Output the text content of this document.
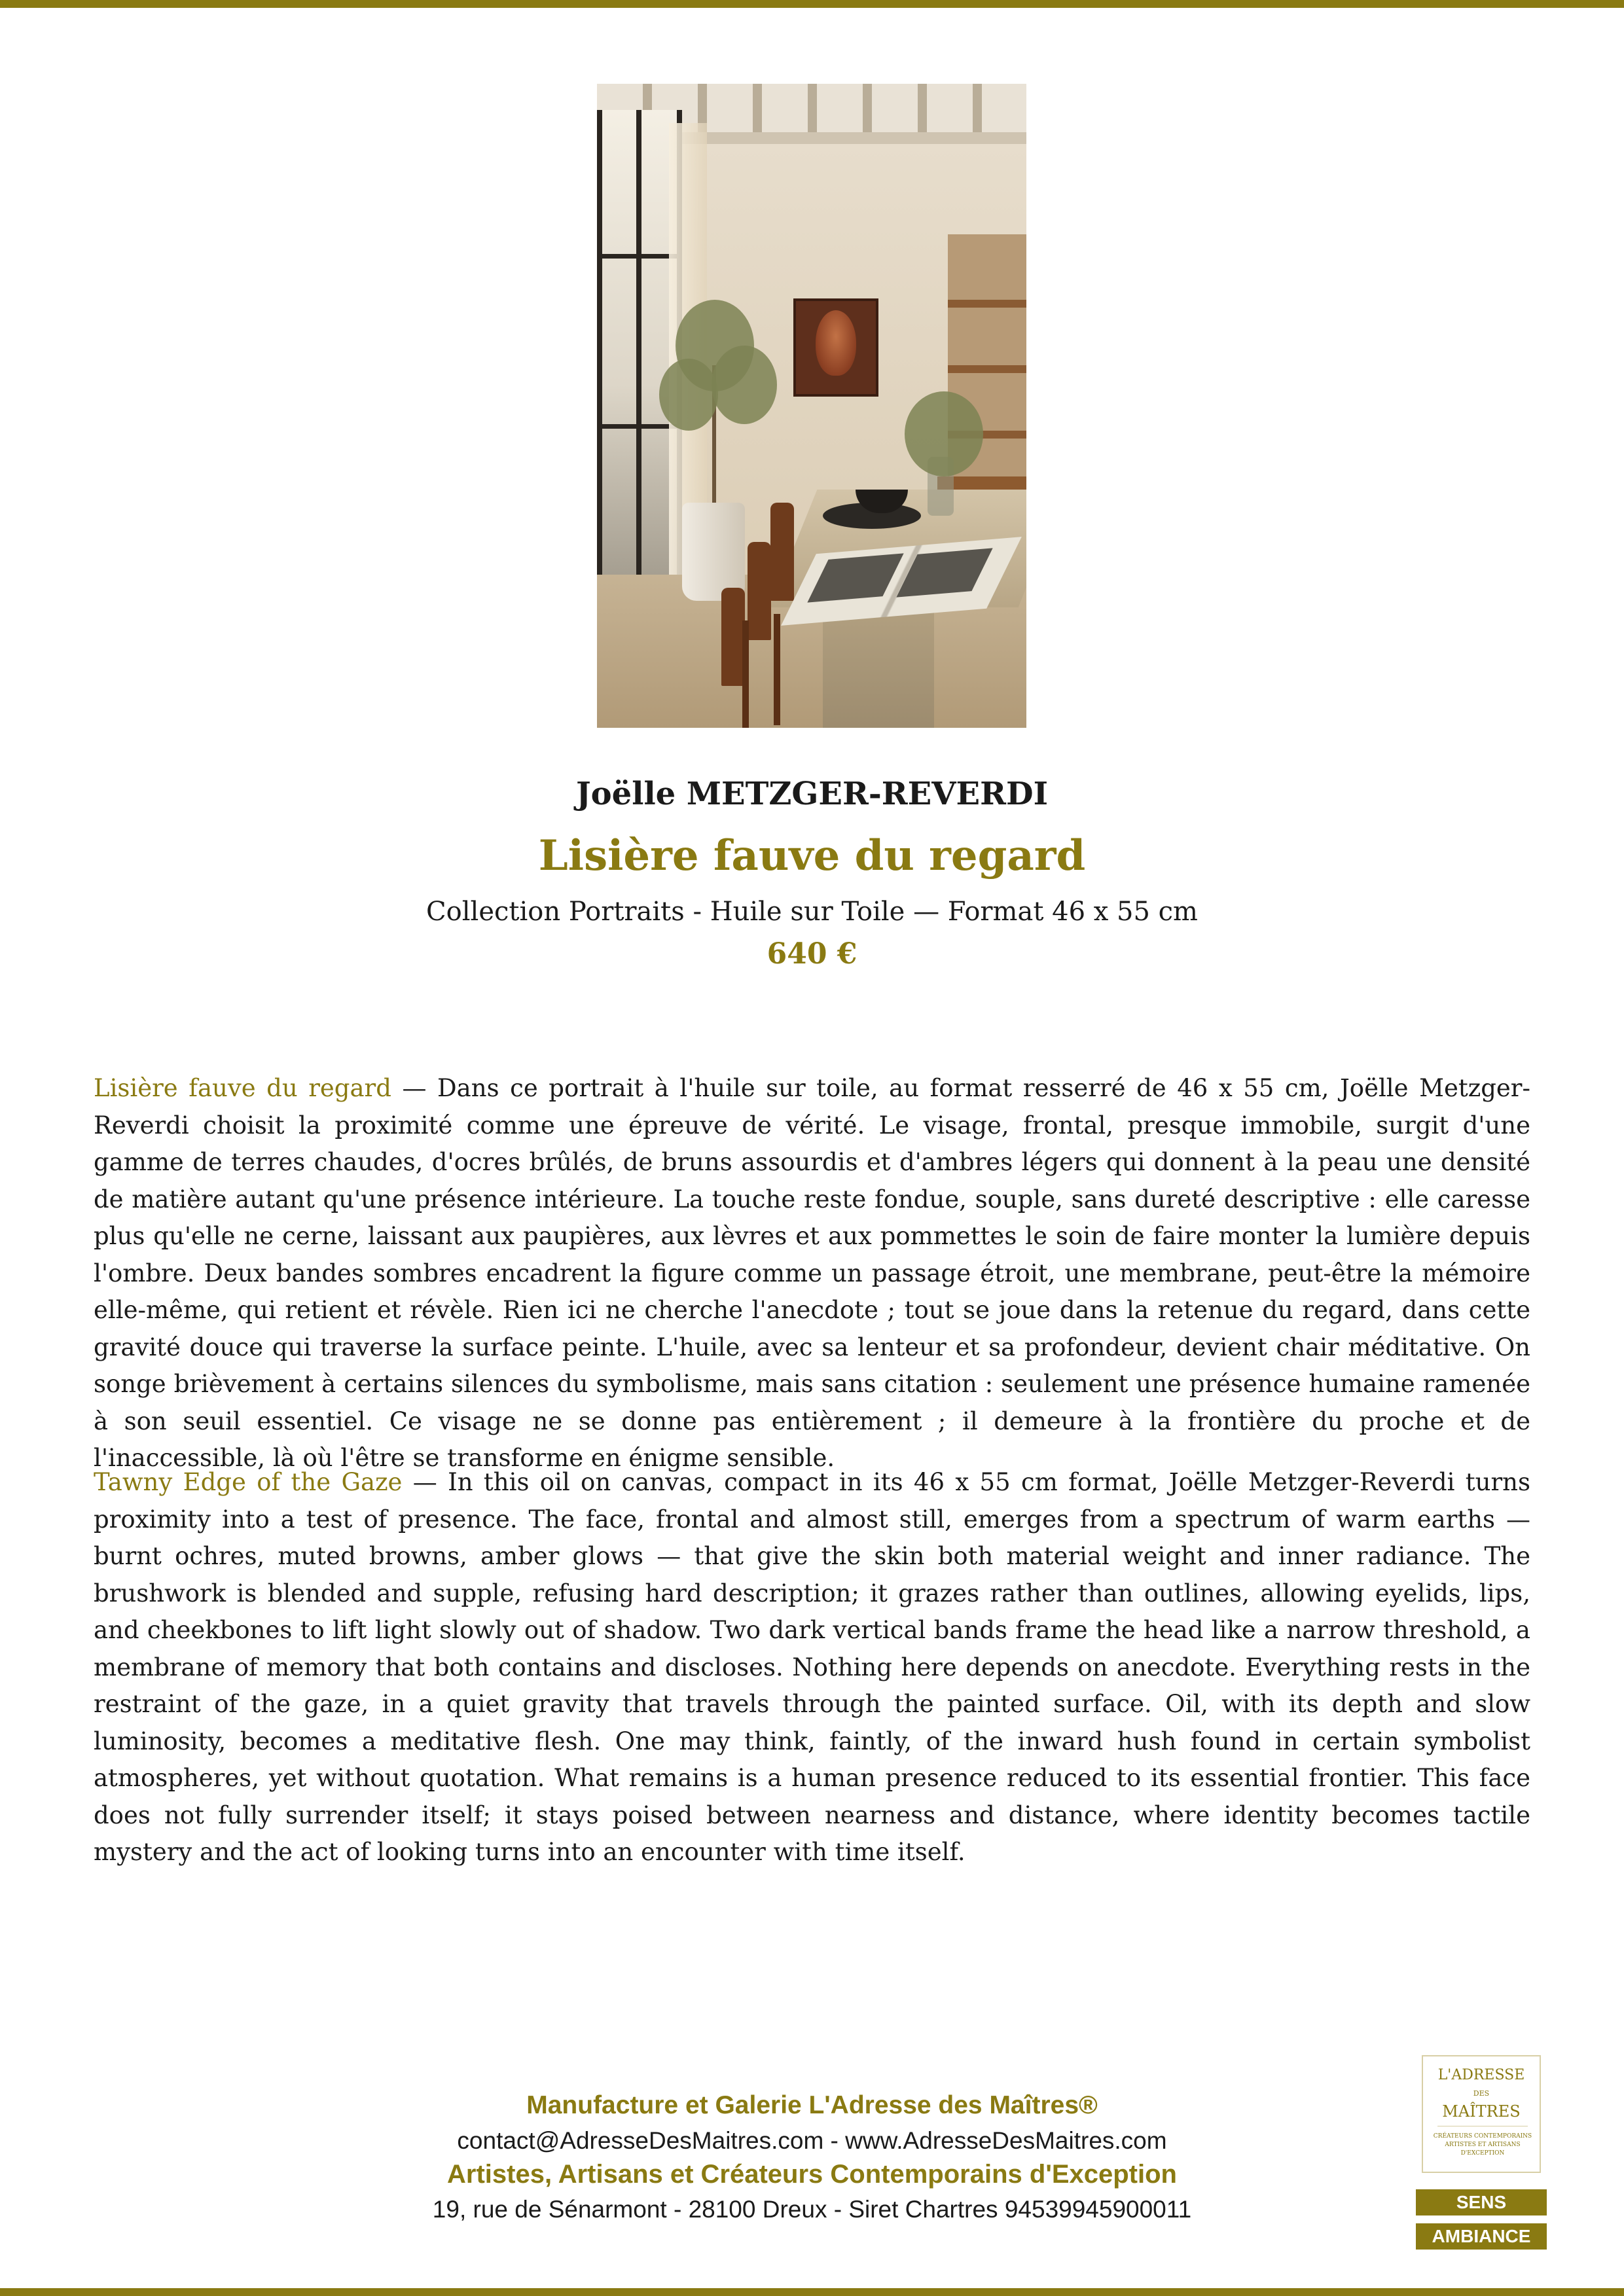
Joëlle METZGER-REVERDI
Lisière fauve du regard
Collection Portraits - Huile sur Toile — Format 46 x 55 cm
640 €

Lisière fauve du regard — Dans ce portrait à l'huile sur toile, au format resserré de 46 x 55 cm, Joëlle Metzger-Reverdi choisit la proximité comme une épreuve de vérité. Le visage, frontal, presque immobile, surgit d'une gamme de terres chaudes, d'ocres brûlés, de bruns assourdis et d'ambres légers qui donnent à la peau une densité de matière autant qu'une présence intérieure. La touche reste fondue, souple, sans dureté descriptive : elle caresse plus qu'elle ne cerne, laissant aux paupières, aux lèvres et aux pommettes le soin de faire monter la lumière depuis l'ombre. Deux bandes sombres encadrent la figure comme un passage étroit, une membrane, peut-être la mémoire elle-même, qui retient et révèle. Rien ici ne cherche l'anecdote ; tout se joue dans la retenue du regard, dans cette gravité douce qui traverse la surface peinte. L'huile, avec sa lenteur et sa profondeur, devient chair méditative. On songe brièvement à certains silences du symbolisme, mais sans citation : seulement une présence humaine ramenée à son seuil essentiel. Ce visage ne se donne pas entièrement ; il demeure à la frontière du proche et de l'inaccessible, là où l'être se transforme en énigme sensible.

Tawny Edge of the Gaze — In this oil on canvas, compact in its 46 x 55 cm format, Joëlle Metzger-Reverdi turns proximity into a test of presence. The face, frontal and almost still, emerges from a spectrum of warm earths — burnt ochres, muted browns, amber glows — that give the skin both material weight and inner radiance. The brushwork is blended and supple, refusing hard description; it grazes rather than outlines, allowing eyelids, lips, and cheekbones to lift light slowly out of shadow. Two dark vertical bands frame the head like a narrow threshold, a membrane of memory that both contains and discloses. Nothing here depends on anecdote. Everything rests in the restraint of the gaze, in a quiet gravity that travels through the painted surface. Oil, with its depth and slow luminosity, becomes a meditative flesh. One may think, faintly, of the inward hush found in certain symbolist atmospheres, yet without quotation. What remains is a human presence reduced to its essential frontier. This face does not fully surrender itself; it stays poised between nearness and distance, where identity becomes tactile mystery and the act of looking turns into an encounter with time itself.

Manufacture et Galerie L'Adresse des Maîtres®
contact@AdresseDesMaitres.com - www.AdresseDesMaitres.com
Artistes, Artisans et Créateurs Contemporains d'Exception
19, rue de Sénarmont - 28100 Dreux - Siret Chartres 94539945900011
L'ADRESSE
DES
MAÎTRES
CRÉATEURS CONTEMPORAINS ARTISTES ET ARTISANS D'EXCEPTION
SENS
AMBIANCE
